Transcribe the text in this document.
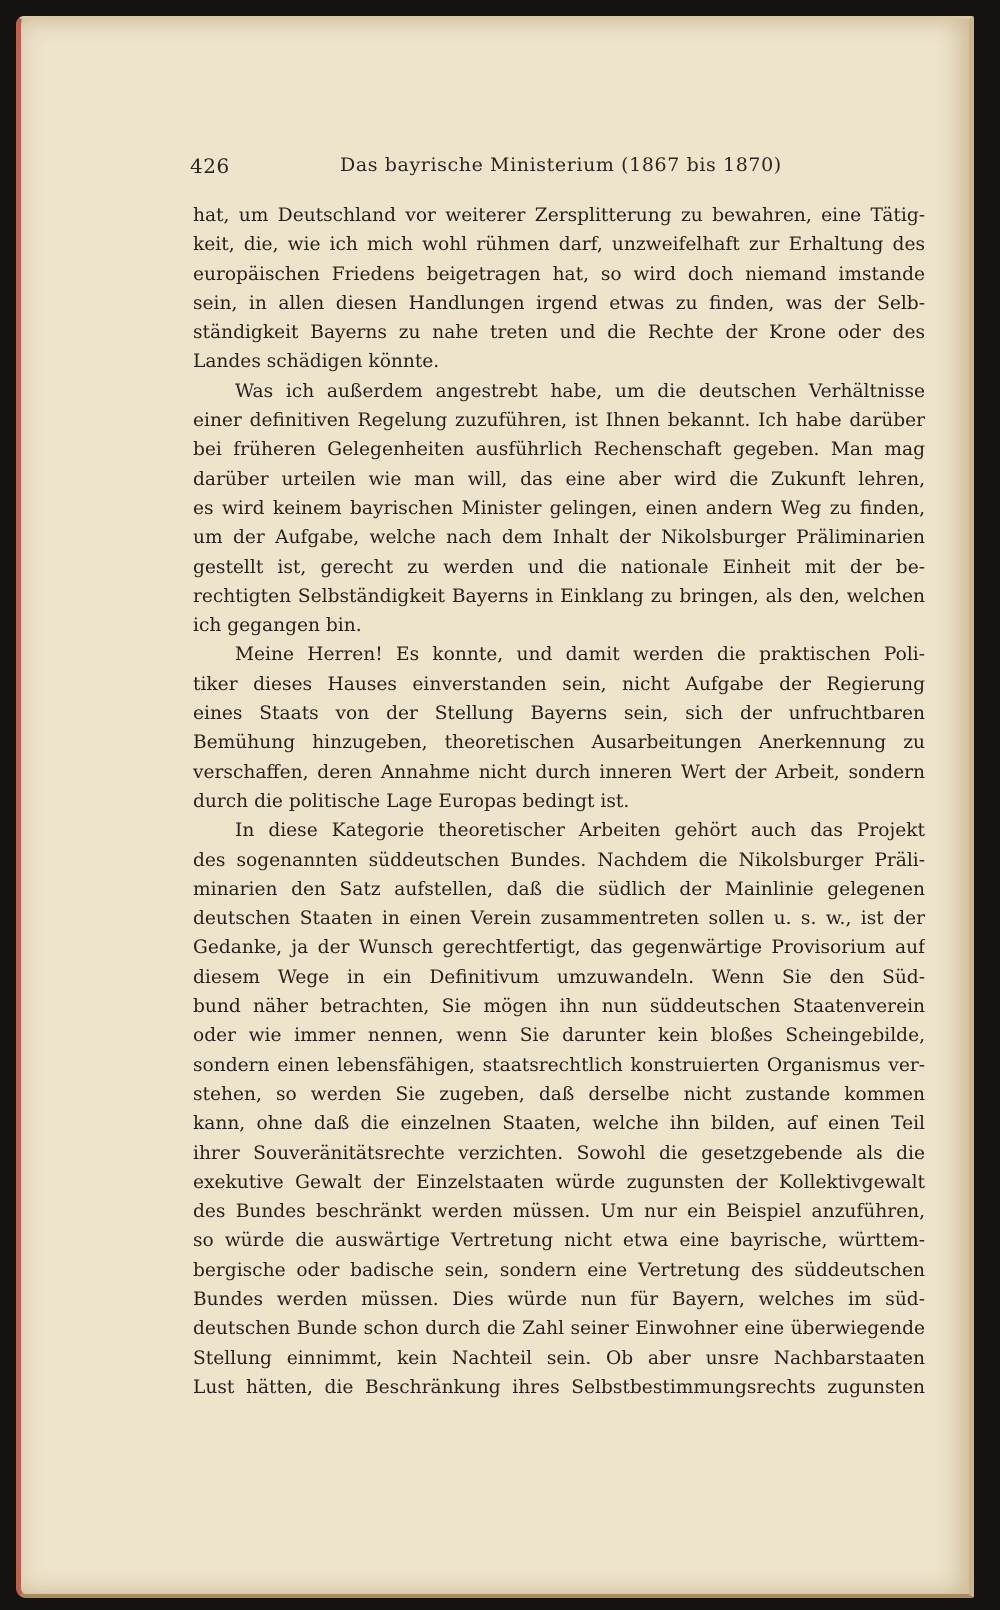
426	Das bayrische Ministerium (1867 bis 1870)
hat, um Deutschland vor weiterer Zersplitterung zu bewahren, eine Tätig-
keit, die, wie ich mich wohl rühmen darf, unzweifelhaft zur Erhaltung des
europäischen Friedens beigetragen hat, so wird doch niemand imstande
sein, in allen diesen Handlungen irgend etwas zu finden, was der Selb-
ständigkeit Bayerns zu nahe treten und die Rechte der Krone oder des
Landes schädigen könnte.
Was ich außerdem angestrebt habe, um die deutschen Verhältnisse
einer definitiven Regelung zuzuführen, ist Ihnen bekannt. Ich habe darüber
bei früheren Gelegenheiten ausführlich Rechenschaft gegeben. Man mag
darüber urteilen wie man will, das eine aber wird die Zukunft lehren,
es wird keinem bayrischen Minister gelingen, einen andern Weg zu finden,
um der Aufgabe, welche nach dem Inhalt der Nikolsburger Präliminarien
gestellt ist, gerecht zu werden und die nationale Einheit mit der be-
rechtigten Selbständigkeit Bayerns in Einklang zu bringen, als den, welchen
ich gegangen bin.
Meine Herren! Es konnte, und damit werden die praktischen Poli-
tiker dieses Hauses einverstanden sein, nicht Aufgabe der Regierung
eines Staats von der Stellung Bayerns sein, sich der unfruchtbaren
Bemühung hinzugeben, theoretischen Ausarbeitungen Anerkennung zu
verschaffen, deren Annahme nicht durch inneren Wert der Arbeit, sondern
durch die politische Lage Europas bedingt ist.
In diese Kategorie theoretischer Arbeiten gehört auch das Projekt
des sogenannten süddeutschen Bundes. Nachdem die Nikolsburger Präli-
minarien den Satz aufstellen, daß die südlich der Mainlinie gelegenen
deutschen Staaten in einen Verein zusammentreten sollen u. s. w., ist der
Gedanke, ja der Wunsch gerechtfertigt, das gegenwärtige Provisorium auf
diesem Wege in ein Definitivum umzuwandeln. Wenn Sie den Süd-
bund näher betrachten, Sie mögen ihn nun süddeutschen Staatenverein
oder wie immer nennen, wenn Sie darunter kein bloßes Scheingebilde,
sondern einen lebensfähigen, staatsrechtlich konstruierten Organismus ver-
stehen, so werden Sie zugeben, daß derselbe nicht zustande kommen
kann, ohne daß die einzelnen Staaten, welche ihn bilden, auf einen Teil
ihrer Souveränitätsrechte verzichten. Sowohl die gesetzgebende als die
exekutive Gewalt der Einzelstaaten würde zugunsten der Kollektivgewalt
des Bundes beschränkt werden müssen. Um nur ein Beispiel anzuführen,
so würde die auswärtige Vertretung nicht etwa eine bayrische, württem-
bergische oder badische sein, sondern eine Vertretung des süddeutschen
Bundes werden müssen. Dies würde nun für Bayern, welches im süd-
deutschen Bunde schon durch die Zahl seiner Einwohner eine überwiegende
Stellung einnimmt, kein Nachteil sein. Ob aber unsre Nachbarstaaten
Lust hätten, die Beschränkung ihres Selbstbestimmungsrechts zugunsten
